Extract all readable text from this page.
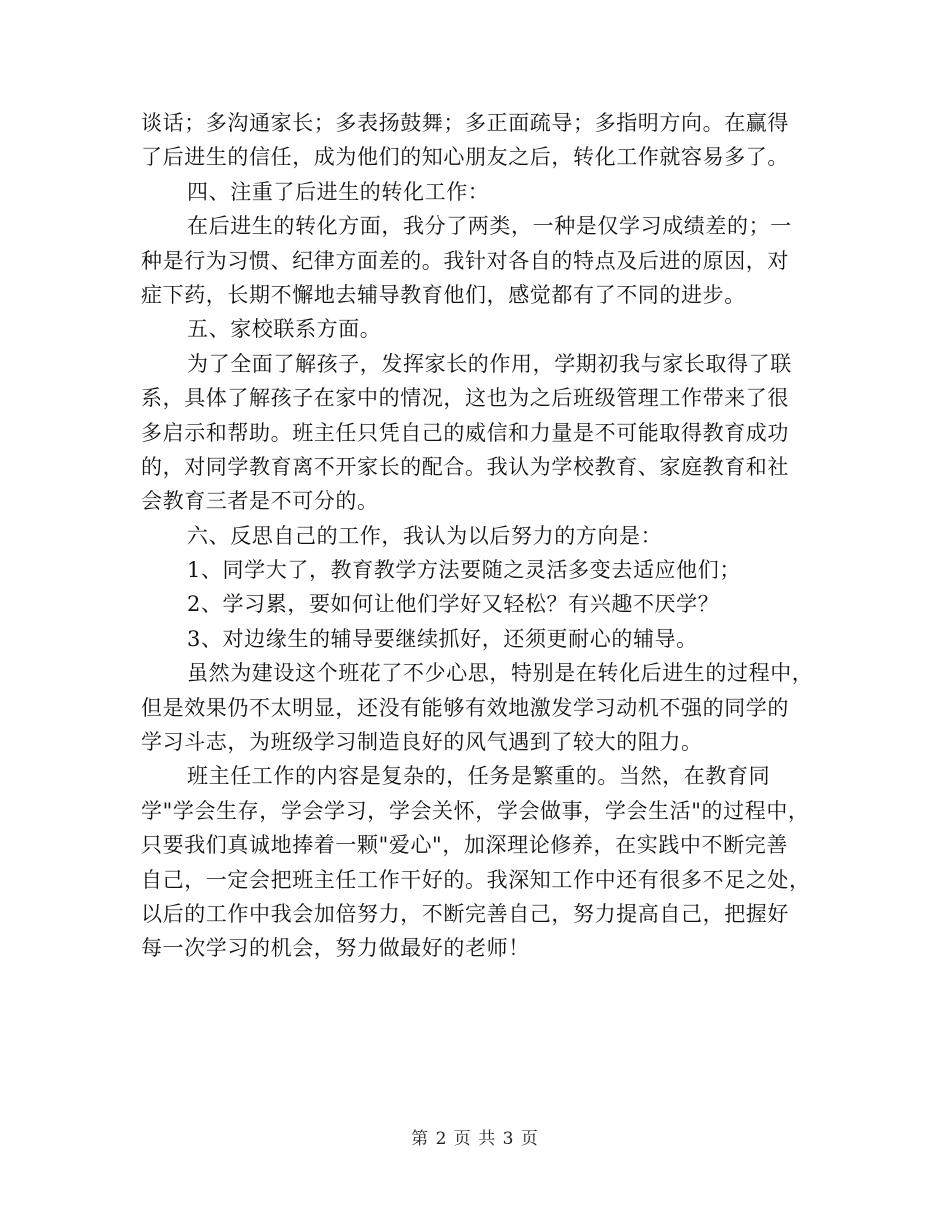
谈话；多沟通家长；多表扬鼓舞；多正面疏导；多指明方向。在赢得
了后进生的信任，成为他们的知心朋友之后，转化工作就容易多了。
四、注重了后进生的转化工作：
在后进生的转化方面，我分了两类，一种是仅学习成绩差的；一
种是行为习惯、纪律方面差的。我针对各自的特点及后进的原因，对
症下药，长期不懈地去辅导教育他们，感觉都有了不同的进步。
五、家校联系方面。
为了全面了解孩子，发挥家长的作用，学期初我与家长取得了联
系，具体了解孩子在家中的情况，这也为之后班级管理工作带来了很
多启示和帮助。班主任只凭自己的威信和力量是不可能取得教育成功
的，对同学教育离不开家长的配合。我认为学校教育、家庭教育和社
会教育三者是不可分的。
六、反思自己的工作，我认为以后努力的方向是：
1、同学大了，教育教学方法要随之灵活多变去适应他们；
2、学习累，要如何让他们学好又轻松？有兴趣不厌学？
3、对边缘生的辅导要继续抓好，还须更耐心的辅导。
虽然为建设这个班花了不少心思，特别是在转化后进生的过程中，
但是效果仍不太明显，还没有能够有效地激发学习动机不强的同学的
学习斗志，为班级学习制造良好的风气遇到了较大的阻力。
班主任工作的内容是复杂的，任务是繁重的。当然，在教育同
学"学会生存，学会学习，学会关怀，学会做事，学会生活"的过程中，
只要我们真诚地捧着一颗"爱心"，加深理论修养，在实践中不断完善
自己，一定会把班主任工作干好的。我深知工作中还有很多不足之处，
以后的工作中我会加倍努力，不断完善自己，努力提高自己，把握好
每一次学习的机会，努力做最好的老师！
第 2 页 共 3 页
